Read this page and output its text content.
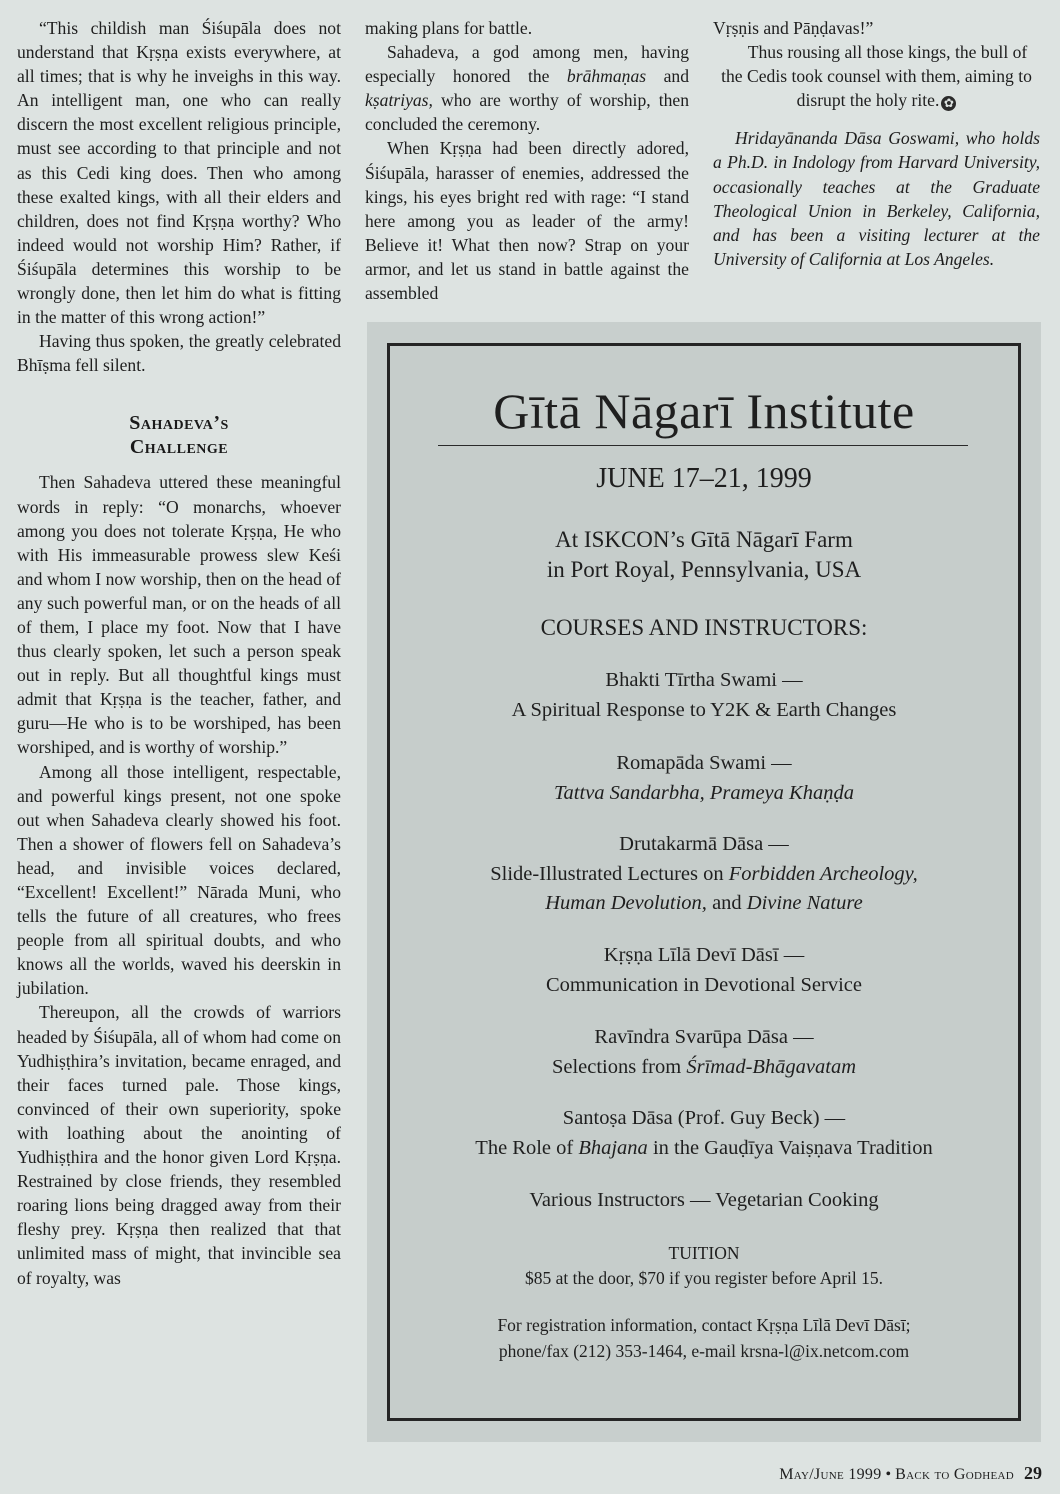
“This childish man Śiśupāla does not understand that Kṛṣṇa exists everywhere, at all times; that is why he inveighs in this way. An intelligent man, one who can really discern the most excellent religious principle, must see according to that principle and not as this Cedi king does. Then who among these exalted kings, with all their elders and children, does not find Kṛṣṇa worthy? Who indeed would not worship Him? Rather, if Śiśupāla determines this worship to be wrongly done, then let him do what is fitting in the matter of this wrong action!”

Having thus spoken, the greatly celebrated Bhīṣma fell silent.

Sahadeva’s
Challenge

Then Sahadeva uttered these meaningful words in reply: “O monarchs, whoever among you does not tolerate Kṛṣṇa, He who with His immeasurable prowess slew Keśi and whom I now worship, then on the head of any such powerful man, or on the heads of all of them, I place my foot. Now that I have thus clearly spoken, let such a person speak out in reply. But all thoughtful kings must admit that Kṛṣṇa is the teacher, father, and guru—He who is to be worshiped, has been worshiped, and is worthy of worship.”

Among all those intelligent, respectable, and powerful kings present, not one spoke out when Sahadeva clearly showed his foot. Then a shower of flowers fell on Sahadeva’s head, and invisible voices declared, “Excellent! Excellent!” Nārada Muni, who tells the future of all creatures, who frees people from all spiritual doubts, and who knows all the worlds, waved his deerskin in jubilation.

Thereupon, all the crowds of warriors headed by Śiśupāla, all of whom had come on Yudhiṣṭhira’s invitation, became enraged, and their faces turned pale. Those kings, convinced of their own superiority, spoke with loathing about the anointing of Yudhiṣṭhira and the honor given Lord Kṛṣṇa. Restrained by close friends, they resembled roaring lions being dragged away from their fleshy prey. Kṛṣṇa then realized that that unlimited mass of might, that invincible sea of royalty, was

making plans for battle.

Sahadeva, a god among men, having especially honored the brāhmaṇas and kṣatriyas, who are worthy of worship, then concluded the ceremony.

When Kṛṣṇa had been directly adored, Śiśupāla, harasser of enemies, addressed the kings, his eyes bright red with rage: “I stand here among you as leader of the army! Believe it! What then now? Strap on your armor, and let us stand in battle against the assembled

Vṛṣṇis and Pāṇḍavas!”

Thus rousing all those kings, the bull of the Cedis took counsel with them, aiming to disrupt the holy rite. ✿

Hridayānanda Dāsa Goswami, who holds a Ph.D. in Indology from Harvard University, occasionally teaches at the Graduate Theological Union in Berkeley, California, and has been a visiting lecturer at the University of California at Los Angeles.

Gītā Nāgarī Institute
JUNE 17–21, 1999
At ISKCON’s Gītā Nāgarī Farm
in Port Royal, Pennsylvania, USA
COURSES AND INSTRUCTORS:
Bhakti Tīrtha Swami —
A Spiritual Response to Y2K & Earth Changes
Romapāda Swami —
Tattva Sandarbha, Prameya Khaṇḍa
Drutakarmā Dāsa —
Slide-Illustrated Lectures on Forbidden Archeology,
Human Devolution, and Divine Nature
Kṛṣṇa Līlā Devī Dāsī —
Communication in Devotional Service
Ravīndra Svarūpa Dāsa —
Selections from Śrīmad-Bhāgavatam
Santoṣa Dāsa (Prof. Guy Beck) —
The Role of Bhajana in the Gauḍīya Vaiṣṇava Tradition
Various Instructors — Vegetarian Cooking
TUITION
$85 at the door, $70 if you register before April 15.
For registration information, contact Kṛṣṇa Līlā Devī Dāsī;
phone/fax (212) 353-1464, e-mail krsna-l@ix.netcom.com
May/June 1999 • Back to Godhead 29
